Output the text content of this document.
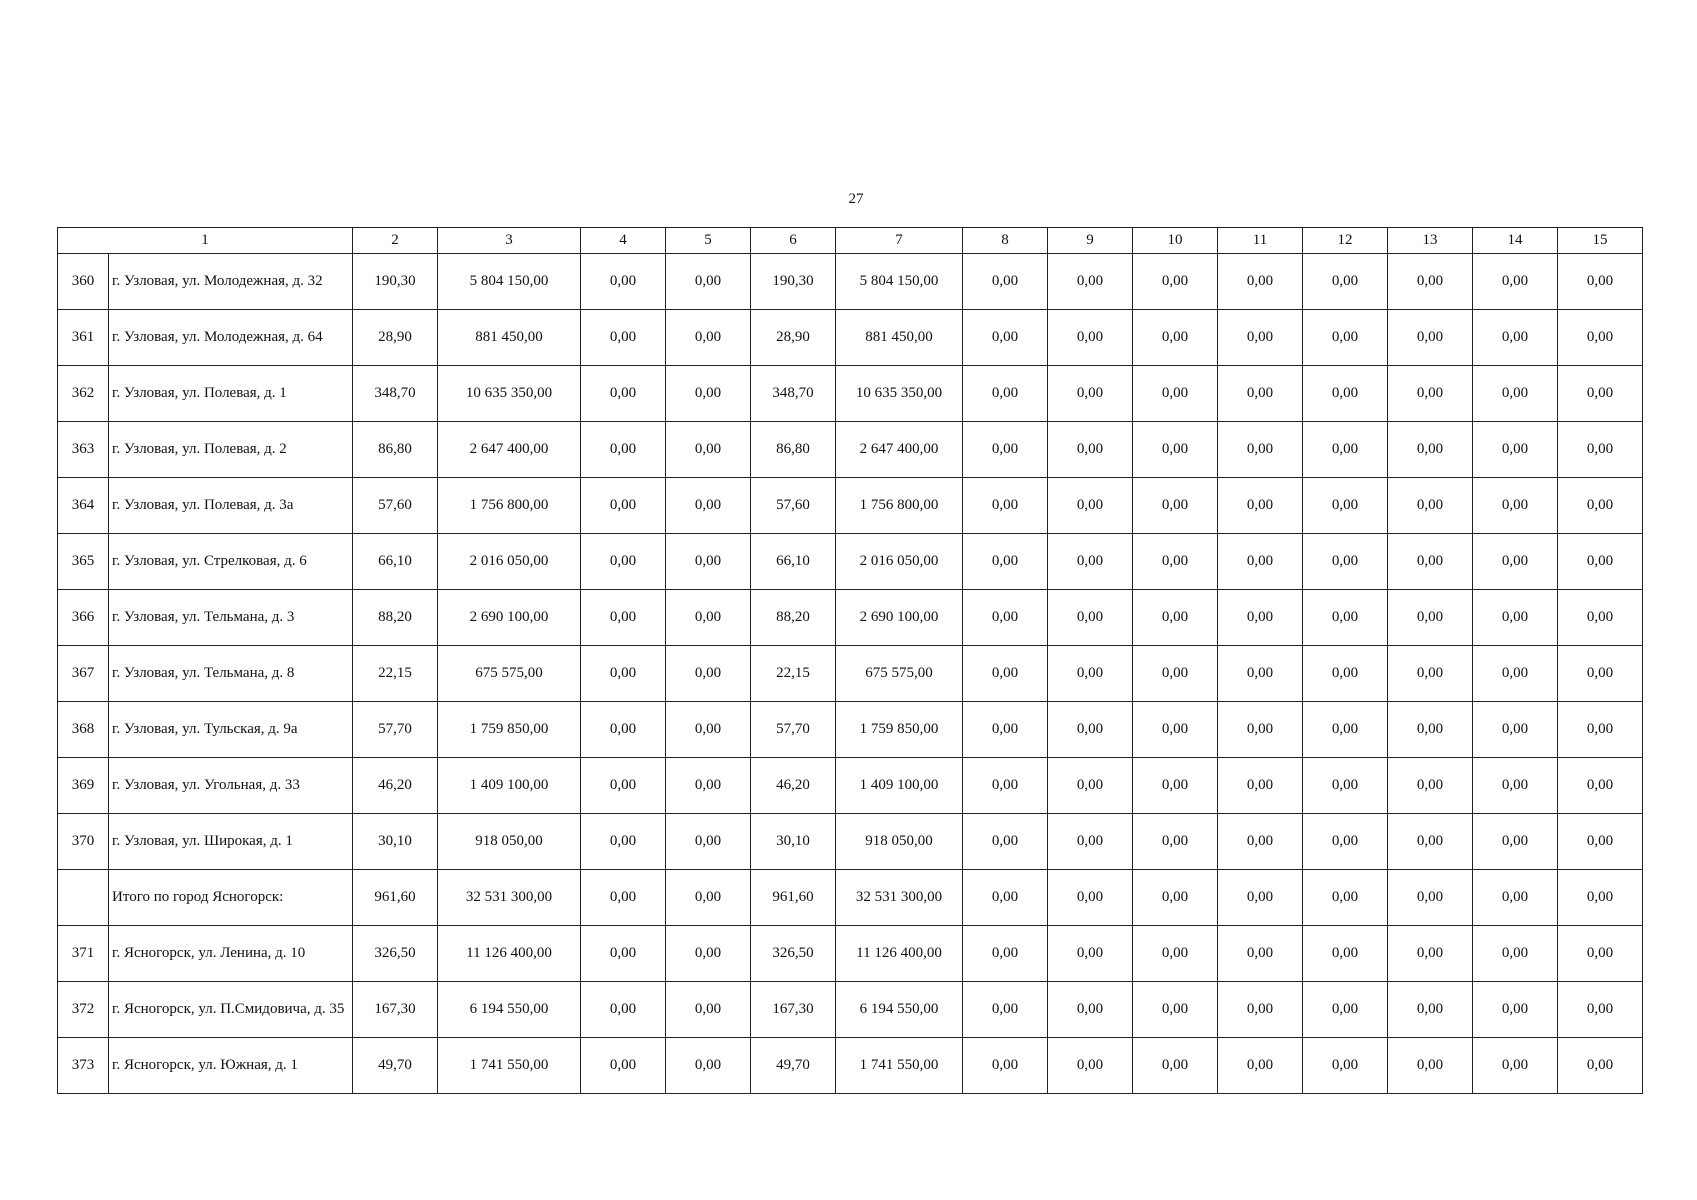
27
1		2	3	4	5	6	7	8	9	10	11	12	13	14	15
360	г. Узловая, ул. Молодежная, д. 32	190,30	5 804 150,00	0,00	0,00	190,30	5 804 150,00	0,00	0,00	0,00	0,00	0,00	0,00	0,00	0,00
361	г. Узловая, ул. Молодежная, д. 64	28,90	881 450,00	0,00	0,00	28,90	881 450,00	0,00	0,00	0,00	0,00	0,00	0,00	0,00	0,00
362	г. Узловая, ул. Полевая, д. 1	348,70	10 635 350,00	0,00	0,00	348,70	10 635 350,00	0,00	0,00	0,00	0,00	0,00	0,00	0,00	0,00
363	г. Узловая, ул. Полевая, д. 2	86,80	2 647 400,00	0,00	0,00	86,80	2 647 400,00	0,00	0,00	0,00	0,00	0,00	0,00	0,00	0,00
364	г. Узловая, ул. Полевая, д. 3а	57,60	1 756 800,00	0,00	0,00	57,60	1 756 800,00	0,00	0,00	0,00	0,00	0,00	0,00	0,00	0,00
365	г. Узловая, ул. Стрелковая, д. 6	66,10	2 016 050,00	0,00	0,00	66,10	2 016 050,00	0,00	0,00	0,00	0,00	0,00	0,00	0,00	0,00
366	г. Узловая, ул. Тельмана, д. 3	88,20	2 690 100,00	0,00	0,00	88,20	2 690 100,00	0,00	0,00	0,00	0,00	0,00	0,00	0,00	0,00
367	г. Узловая, ул. Тельмана, д. 8	22,15	675 575,00	0,00	0,00	22,15	675 575,00	0,00	0,00	0,00	0,00	0,00	0,00	0,00	0,00
368	г. Узловая, ул. Тульская, д. 9а	57,70	1 759 850,00	0,00	0,00	57,70	1 759 850,00	0,00	0,00	0,00	0,00	0,00	0,00	0,00	0,00
369	г. Узловая, ул. Угольная, д. 33	46,20	1 409 100,00	0,00	0,00	46,20	1 409 100,00	0,00	0,00	0,00	0,00	0,00	0,00	0,00	0,00
370	г. Узловая, ул. Широкая, д. 1	30,10	918 050,00	0,00	0,00	30,10	918 050,00	0,00	0,00	0,00	0,00	0,00	0,00	0,00	0,00
	Итого по город Ясногорск:	961,60	32 531 300,00	0,00	0,00	961,60	32 531 300,00	0,00	0,00	0,00	0,00	0,00	0,00	0,00	0,00
371	г. Ясногорск, ул. Ленина, д. 10	326,50	11 126 400,00	0,00	0,00	326,50	11 126 400,00	0,00	0,00	0,00	0,00	0,00	0,00	0,00	0,00
372	г. Ясногорск, ул. П.Смидовича, д. 35	167,30	6 194 550,00	0,00	0,00	167,30	6 194 550,00	0,00	0,00	0,00	0,00	0,00	0,00	0,00	0,00
373	г. Ясногорск, ул. Южная, д. 1	49,70	1 741 550,00	0,00	0,00	49,70	1 741 550,00	0,00	0,00	0,00	0,00	0,00	0,00	0,00	0,00
